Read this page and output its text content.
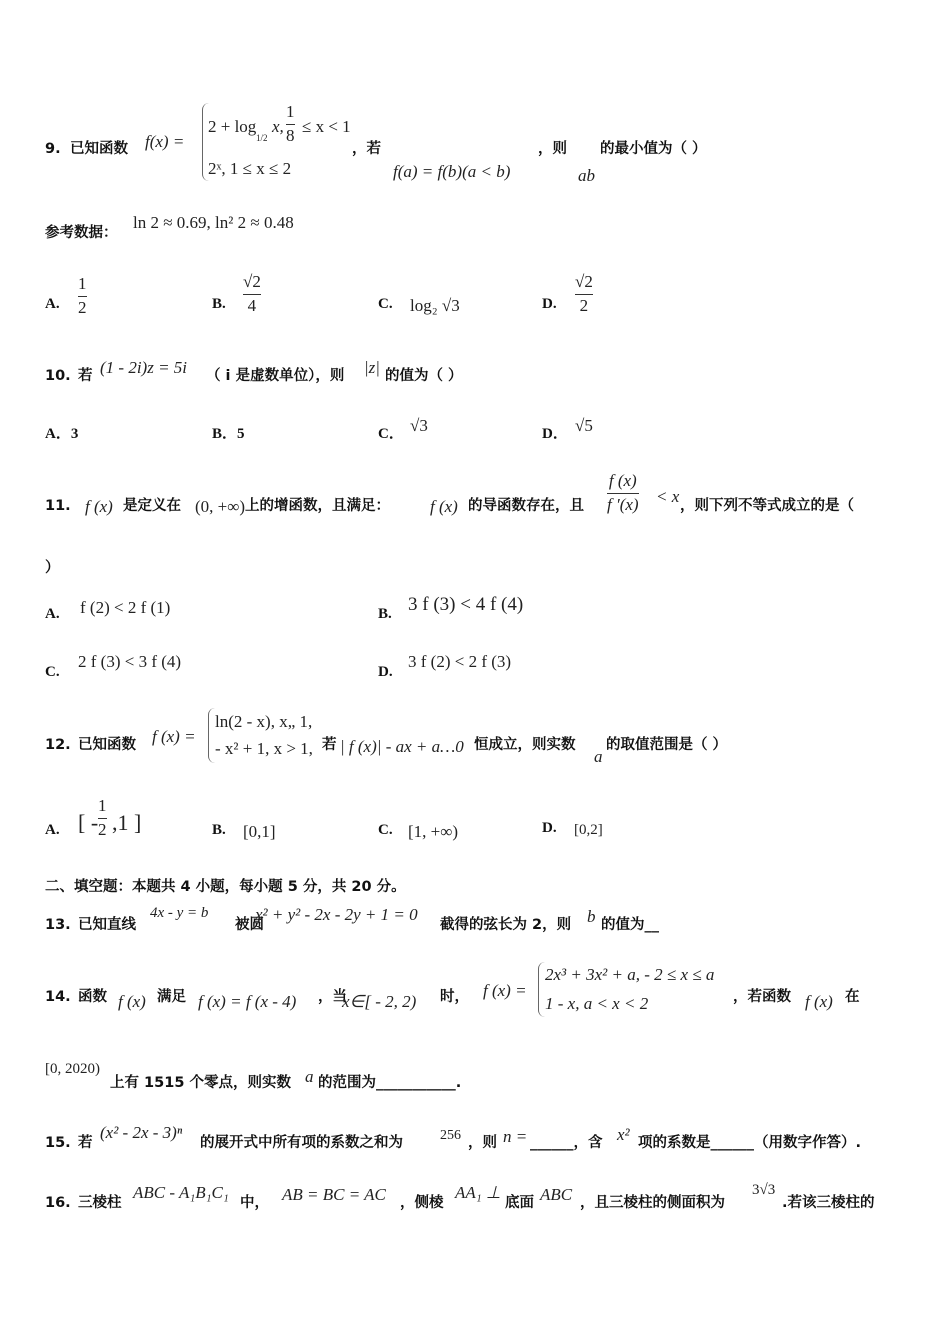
9. 已知函数 f(x) =
2 + log
1/2
x,
1
8 ≤ x < 1
2ˣ, 1 ≤ x ≤ 2
，若
f(a) = f(b)(a < b)
，则
ab
的最小值为（ ）
参考数据：
ln 2 ≈ 0.69, ln² 2 ≈ 0.48
A.
1
2	B.
√2
4	C. log₂ √3	D.
√2
2
10. 若 (1 - 2i)z = 5i （ i 是虚数单位），则 |z| 的值为（ ）
A．3	B．5	C． √3	D． √5
11. f (x) 是定义在 (0, +∞) 上的增函数，且满足： f (x) 的导函数存在，且
f (x)
f ′(x) < x ，则下列不等式成立的是（
）
A. f (2) < 2 f (1)	B. 3 f (3) < 4 f (4)
C.
2 f (3) < 3 f (4)
D.
3 f (2) < 2 f (3)
12. 已知函数 f (x) =
ln(2 - x), x„ 1,
- x² + 1, x > 1, 若 | f (x)| - ax + a…0 恒成立，则实数
a
的取值范围是（ ）
A. [ -
1
2 ,1 ]	B. [0,1]	C. [1, +∞)	D. [0,2]
二、填空题：本题共 4 小题，每小题 5 分，共 20 分。
13. 已知直线
4x - y = b
被圆
x² + y² - 2x - 2y + 1 = 0
截得的弦长为 2，则 b 的值为__
14. 函数 f (x) 满足 f (x) = f (x - 4) ，当
x∈[ - 2, 2) 时， f (x) =
2x³ + 3x² + a, - 2 ≤ x ≤ a
1 - x, a < x < 2	，若函数 f (x) 在
[0, 2020)
上有 1515 个零点，则实数 a 的范围为___________.
15. 若
(x² - 2x - 3)ⁿ
的展开式中所有项的系数之和为	256 ，则 n = ______，含 x² 项的系数是______（用数字作答）.
16. 三棱柱
ABC - A₁B₁C₁
中， AB = BC = AC ，侧棱
AA₁ ⊥
底面 ABC ，且三棱柱的侧面积为
3√3
.若该三棱柱的
